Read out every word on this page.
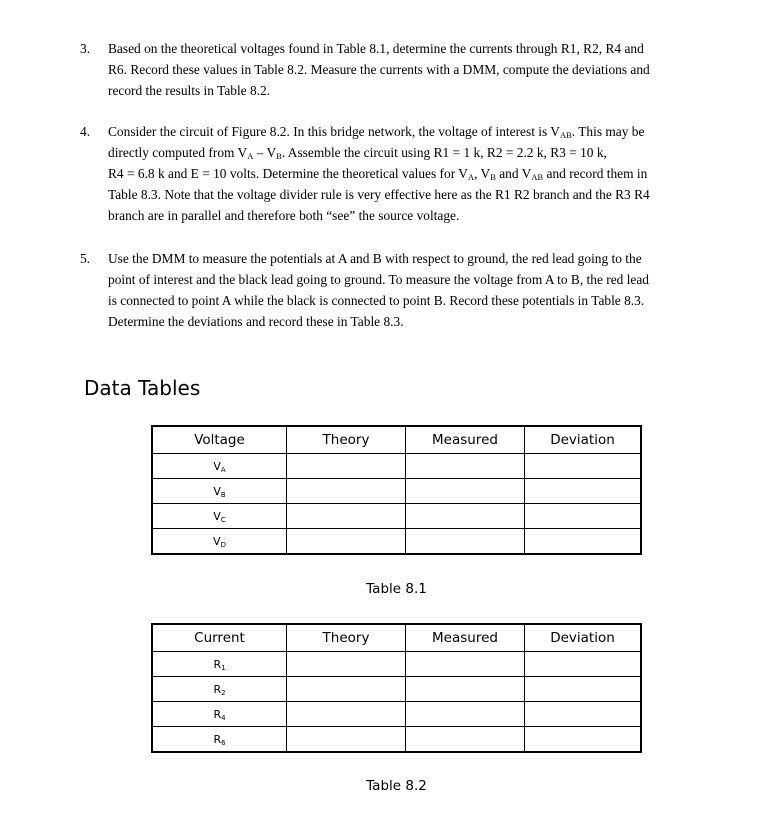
3. Based on the theoretical voltages found in Table 8.1, determine the currents through R1, R2, R4 and
R6. Record these values in Table 8.2. Measure the currents with a DMM, compute the deviations and
record the results in Table 8.2.
4. Consider the circuit of Figure 8.2. In this bridge network, the voltage of interest is $V_{AB}$. This may be
directly computed from $V_A - V_B$. Assemble the circuit using R1 = 1 k, R2 = 2.2 k, R3 = 10 k,
R4 = 6.8 k and E = 10 volts. Determine the theoretical values for $V_A$, $V_B$ and $V_{AB}$ and record them in
Table 8.3. Note that the voltage divider rule is very effective here as the R1 R2 branch and the R3 R4
branch are in parallel and therefore both “see” the source voltage.
5. Use the DMM to measure the potentials at A and B with respect to ground, the red lead going to the
point of interest and the black lead going to ground. To measure the voltage from A to B, the red lead
is connected to point A while the black is connected to point B. Record these potentials in Table 8.3.
Determine the deviations and record these in Table 8.3.
Data Tables
Voltage	Theory	Measured	Deviation
$V_A$			
$V_B$			
$V_C$			
$V_D$			
Table 8.1
Current	Theory	Measured	Deviation
$R_1$			
$R_2$			
$R_4$			
$R_6$			
Table 8.2
